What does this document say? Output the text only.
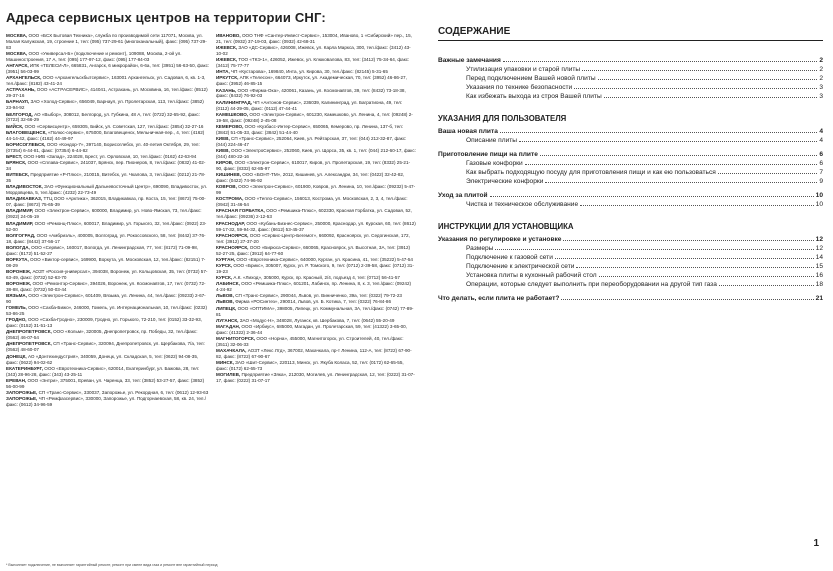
Адреса сервисных центров на территории СНГ:
МОСКВА, ООО «БСХ Бытовая Техника», служба по производимой сети 117071, Москва, ул. Малая Калужская, 19, строение 1, тел: (095) 737-29-61 (многоканальный), факс: (095) 737-29-83
МОСКВА, ООО «Универсал-Б» (подключение и ремонт), 109088, Москва, 2-ой ул. Машиностроения, 17 А, тел: (095) 177-97-12, факс: (095) 177-84-03
АНГАРСК, ИПК «ТЕЛЕСИ-Л», 665831, Ангарск, 6 микрорайон, 6-6а, тел: (3951) 56-63-50, факс: (3951) 56-03-99
АРХАНГЕЛЬСК, ООО «Архангельскбытсервис», 163001 Архангельск, ул. Садовая, 6, кв. 1-3, тел./факс: (8182) 43-41-24
АСТРАХАНЬ, ООО «АСТРАСЕРВИС», 414041, Астрахань, ул. Москвина, 16, тел./факс: (8512) 29-37-16
БАРНАУЛ, ЗАО «Холод-Сервис», 656049, Барнаул, ул. Пролетарская, 113, тел./факс: (3852) 23-94-92
БЕЛГОРОД, АО «Выбор», 308012, Белгород, ул. Губкина, 48 А, тел: (0722) 32-65-92, факс: (0722) 32-66-29
БИЙСК, ООО «Сервисцентр», 659305, Бийск, ул. Советская, 127, тел./факс: (3854) 32-27-16
БЛАГОВЕЩЕНСК, «Полюс-сервис», 675000, Благовещенск, Мельничная-пер., 4, тел: (4162) 44-14-42, факс: (4162) 44-49-97
БОРИСОГЛЕБСК, ООО «Кондор-7», 397140, Борисоглебск, ул. 40-летия Октября, 29, тел: (07354) 6-44-81, факс: (07354) 6-44-82
БРЕСТ, ООО НИВ «Запад», 224028, Брест, ул. Орловская, 10, тел./факс: (0162) 42-63-94
БРЯНСК, ООО «Сплава-Сервис», 241037, Брянск, пер. Пионеров, 8, тел./факс: (0832) 41-02-34
ВИТЕБСК, Предприятие «Р-Плюс», 210015, Витебск, ул. Чкалова, 3, тел./факс: (0212) 21-78-35
ВЛАДИВОСТОК, ЗАО «Функциональный Дальневосточный Центр», 690090, Владивосток, ул. Мордовцева, 5, тел./факс: (4232) 22-73-49
ВЛАДИКАВКАЗ, ТТЦ ООО «Арктика», 362015, Владикавказ, пр. Коста, 15, тел: (8672) 75-00-07, факс: (8672) 75-65-39
ВЛАДИМИР, ООО «Электрон-Сервис», 600000, Владимир, ул. Ново-Ямская, 73, тел./факс: (0922) 24-05-19
ВЛАДИМИР, ООО «Ремонц-Плюс», 600017, Владимир, ул. Горького, 32, тел./факс: (0922) 23-52-00
ВОЛГОГРАД, ООО «Амбриэль», 400005, Волгоград, ул. Рокоссовского, 58, тел: (8442) 37-76-18, факс: (8442) 37-56-17
ВОЛОГДА, ООО «Сервис», 160017, Вологда, ул. Ленинградская, 77, тел: (8172) 71-09-98, факс: (8172) 51-52-27
ВОРКУТА, ООО «Виктор-сервис», 169900, Воркута, ул. Московская, 12, тел./факс: (82151) 7-08-29
ВОРОНЕЖ, АОЗТ «Россия-универсал», 394038, Воронеж, ул. Кольцовская, 35, тел: (0732) 57-63-49, факс: (0732) 52-63-70
ВОРОНЕЖ, ООО «Ремонтэр-Сервис», 394026, Воронеж, ул. Космонавтов, 17, тел: (0732) 72-38-88, факс: (0732) 50-03-44
ВЯЗЬМА, ООО «Электрон-Сервис», 601409, Вязьма, ул. Ленина, 44, тел./факс: (09233) 2-67-90
ГОМЕЛЬ, ООО «Сахба-Бижо», 246000, Гомель, ул. Интернациональная, 10, тел./факс: (0232) 53-86-25
ГРОДНО, ООО «Сахба-Гродно», 230009, Гродно, ул. Горького, 72-210, тел: (0152) 33-32-93, факс: (0152) 31-51-13
ДНЕПРОПЕТРОВСК, ООО «Кольм», 320005, Днепропетровск, пр. Победы, 32, тел./факс: (0562) 46-07-54
ДНЕПРОПЕТРОВСК, СП «Транс-Сервис», 320094, Днепропетровск, ул. Щербакова, 7/а, тел: (0562) 48-60-07
ДОНЕЦК, АО «Донтехиндустрия», 340059, Донецк, ул. Складская, 5, тел: (0622) 94-08-35, факс: (0622) 94-02-62
ЕКАТЕРИНБУРГ, ООО «Евротехника-Сервис», 620014, Екатеринбург, ул. Бажова, 28, тел: (343) 28-96-28, факс: (343) 43-25-11
ЕРЕВАН, ООО «Энтри», 375001, Ереван, ул. Чаренца, 33, тел: (3852) 53-27-57, факс: (3852) 56-00-99
ЗАПОРОЖЬЕ, СП «Транс-Сервис», 330037, Запорожье, ул. Рекордная, 6, тел: (0612) 12-93-63
ЗАПОРОЖЬЕ, ЧП «Ремфазсервис», 330000, Запорожье, ул. Подгорнаевская, 58, кв. 24, тел./факс: (0612) 34-96-59
ИВАНОВО, ООО ТНФ «Сантер-Инвест-Сервис», 153004, Иваново, 1 «Сибирский» пер., 15, 21, тел: (0932) 37-19-03, факс: (0932) 42-68-31
ИЖЕВСК, ЗАО «ДС-Сервис», 426008, Ижевск, ул. Карла Маркса, 300, тел./факс: (3412) 43-10-02
ИЖЕВСК, ТОО «ТКЭ-1», 426052, Ижевск, ул. Клюковалова, 83, тел: (3412) 75-34-64, факс: (3412) 75-77-77
ИНТА, ЧП «Кустарова», 169840, Инта, ул. Кирова, 30, тел./факс: (82145) 5-31-65
ИРКУТСК, АПК «Телесон», 664073, Иркутск, ул. Академическая, 70, тел: (3952) 46-86-27, факс: (3952) 46-85-15
КАЗАНЬ, ООО «Фирма-Ока», 420061, Казань, ул. Космонавтов, 39, тел: (8432) 73-18-38, факс: (8432) 76-92-03
КАЛИНИНГРАД, ЧП «Антонов-Сервис», 236039, Калининград, ул. Багратиона, 49, тел: (0112) 44-29-05, факс: (0112) 47-44-41
КАМЕШКОВО, ООО «Электрон-Сервис», 601230, Камешково, ул. Ленина, 4, тел: (09248) 2-19-58, факс: (09248) 2-45-08
КЕМЕРОВО, ООО «Кузбасс-Интер-Сервис», 650065, Кемерово, пр. Ленина, 137-б, тел: (3842) 51-05-33, факс: (3842) 51-44-40
КИЕВ, СП «Транс-Сервис», 252064, Киев, ул. Рейтарская, 37, тел: (044) 212-32-87, факс: (044) 224-46-47
КИЕВ, ООО «ЭлектроСервис», 252060, Киев, ул. Щорса, 35, кв. 1, тел: (044) 212-60-17, факс: (044) 480-22-16
КИРОВ, ООО «Электрон-Сервис», 610017, Киров, ул. Пролетарская, 19, тел: (8332) 25-21-90, факс: (8332) 62-85-97
КИШИНЕВ, ООО «БОНТ-ТМ», 2012, Кишинев, ул. Александри, 34, тел: (0422) 32-42-82, факс: (0422) 74-96-92
КОВРОВ, ООО «Электрон-Сервис», 601900, Ковров, ул. Ленина, 10, тел./факс: (09232) 5-47-99
КОСТРОМА, ООО «Тепло-Сервис», 156013, Кострома, ул. Московская, 2, 3, 4, тел./факс: (0942) 31-46-54
КРАСНАЯ ГОРБАТКА, ООО «Ремшика-Плюс», 602330, Красная Горбатка, ул. Садовая, 52, тел./факс: (09236) 2-12-53
КРАСНОДАР, ООО «Кубань-Бизнес-Сервис», 250000, Краснодар, ул. Курская, 60, тел: (8612) 59-17-32, 59-94-32, факс: (8612) 53-45-37
КРАСНОЯРСК, ООО «Сервис-Центр-Бегемот», 660092, Красноярск, ул. Седогинская, 172, тел: (3912) 27-37-20
КРАСНОЯРСК, ООО «Бирюса-Сервис», 660065, Красноярск, ул. Высотная, 3А, тел: (3912) 52-27-25, факс: (3912) 64-77-60
КУРГАН, ООО «Евротехника-Сервис», 640000, Курган, ул. Красина, 41, тел: (35222) 5-47-54
КУРСК, ООО «Брикс», 305007, Курск, ул. Р. Томского, 9, тел: (0712) 2-39-58, факс: (0712) 31-19-23
КУРСК, А.К. «Лиход», 305000, Курск, пр. Красный, 2/4, подъезд 4, тел: (0712) 56-41-57
ЛАБИНСК, ООО «Ремшика-Плюс», 601201, Лабинск, пр. Ленина, 8, к. 3, тел./факс: (09242) 4-24-92
ЛЬВОВ, СП «Транс-Сервис», 290044, Львов, ул. Винниченко, 39а, тел: (0322) 79-72-23
ЛЬВОВ, Фирма «РОСинтез», 290014, Львов, ул. Б. Котика, 7, тел: (0322) 76-84-86
ЛИПЕЦК, ООО «ОПТИМА», 398005, Липецк, ул. Коммунальная, 3А, тел./факс: (0742) 77-89-81
ЛУГАНСК, ЗАО «Модус-Н», 348028, Луганск, кв. Шербакова, 7, тел: (0642) 55-20-49
МАГАДАН, ООО «Ирбиус», 685000, Магадан, ул. Пролетарская, 59, тел: (41322) 3-65-00, факс: (41322) 2-36-44
МАГНИТОГОРСК, ООО «Норна», 455000, Магнитогорск, ул. Строителей, 40, тел./факс: (3511) 32-06-33
МАХАЧКАЛА, АОЗТ «Лекс Лтд», 367002, Махачкала, пр-т Ленина, 112-А, тел: (8722) 67-90-82, факс: (8722) 67-90-67
МИНСК, ЗАО «Шит-Сервис», 220113, Минск, ул. Якуба Коласа, 52, тел: (0172) 62-65-55, факс: (0172) 62-65-73
МОГИЛЕВ, Предприятие «Зяка», 212030, Могилев, ул. Ленинградская, 12, тел: (0222) 31-07-17, факс: (0222) 31-07-17
* Выполняет подключение, не выполняет гарантийный ремонт, ремонт при смене вида газа и ремонт вне гарантийный период
СОДЕРЖАНИЕ
Важные замечания	2
Утилизация упаковки и старой плиты	2
Перед подключением Вашей новой плиты	2
Указания по технике безопасности	3
Как избежать выхода из строя Вашей плиты	3
УКАЗАНИЯ ДЛЯ ПОЛЬЗОВАТЕЛЯ
Ваша новая плита	4
Описание плиты	4
Приготовление пищи на плите	6
Газовые конфорки	6
Как выбрать подходящую посуду для приготовления пищи и как ею пользоваться	7
Электрические конфорки	9
Уход за плитой	10
Чистка и техническое обслуживание	10
ИНСТРУКЦИИ ДЛЯ УСТАНОВЩИКА
Указания по регулировке и установке	12
Размеры	12
Подключение к газовой сети	14
Подключение к электрической сети	15
Установка плиты в кухонный рабочий стол	16
Операции, которые следует выполнить при переоборудовании на другой тип газа	18
Что делать, если плита не работает?	21
1
